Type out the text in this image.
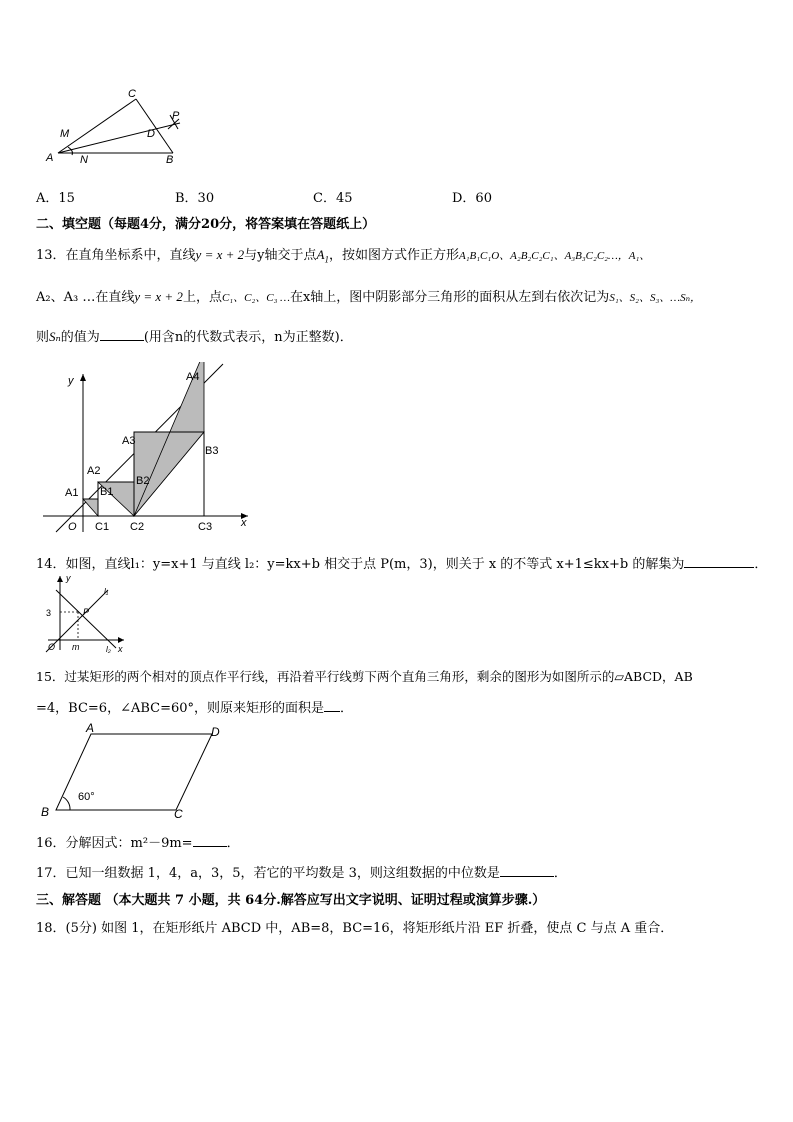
C
P
M	D
A N	B
A．15	B．30	C．45	D．60
二、填空题（每题4分，满分20分，将答案填在答题纸上）
13．在直角坐标系中，直线y = x + 2与y轴交于点$A_1$，按如图方式作正方形A₁B₁C₁O、A₂B₂C₂C₁、A₃B₃C₂C₂…，A₁、
A₂、A₃ …在直线y = x + 2上，点C₁、C₂、C₃ …在x轴上，图中阴影部分三角形的面积从左到右依次记为S₁、S₂、S₃、…Sₙ，
则Sₙ的值为	(用含n的代数式表示，n为正整数)．
y	A4
A3
B3
A2
B2
A1 B1
O C1 C2	C3	x
14．如图，直线l₁：y=x+1 与直线 l₂：y=kx+b 相交于点 P(m，3)，则关于 x 的不等式 x+1≤kx+b 的解集为	．
y
l₁
3	P
O m	x
l₂
15．过某矩形的两个相对的顶点作平行线，再沿着平行线剪下两个直角三角形，剩余的图形为如图所示的▱ABCD，AB
=4，BC=6，∠ABC=60°，则原来矩形的面积是 ．
A	D
B	C
60°
16．分解因式：m²－9m=	．
17．已知一组数据 1，4，a，3，5，若它的平均数是 3，则这组数据的中位数是	．
三、解答题 （本大题共 7 小题，共 64分.解答应写出文字说明、证明过程或演算步骤.）
18．(5分) 如图 1，在矩形纸片 ABCD 中，AB=8，BC=16，将矩形纸片沿 EF 折叠，使点 C 与点 A 重合．
